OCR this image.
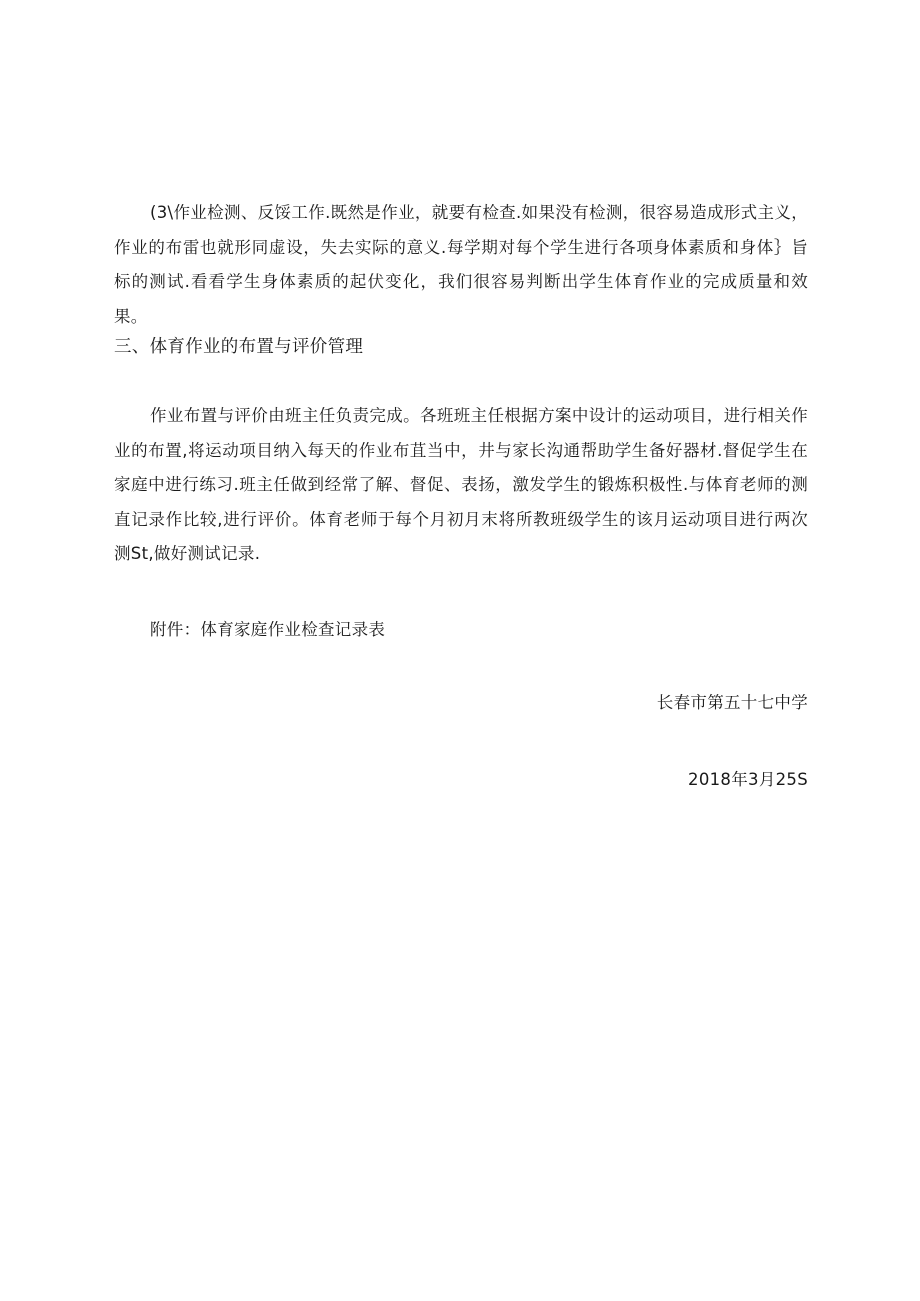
(3\作业检测、反馁工作.既然是作业，就要有检查.如果没有检测，很容易造成形式主义，作业的布雷也就形同虚设，失去实际的意义.每学期对每个学生进行各项身体素质和身体｝旨标的测试.看看学生身体素质的起伏变化，我们很容易判断出学生体育作业的完成质量和效果。

三、体育作业的布置与评价管理

作业布置与评价由班主任负责完成。各班班主任根据方案中设计的运动项目，进行相关作业的布置,将运动项目纳入每天的作业布苴当中，井与家长沟通帮助学生备好器材.督促学生在家庭中进行练习.班主任做到经常了解、督促、表扬，激发学生的锻炼积极性.与体育老师的测直记录作比较,进行评价。体育老师于每个月初月末将所教班级学生的该月运动项目进行两次测St,做好测试记录.

附件：体育家庭作业检查记录表

长春市第五十七中学

2018年3月25S
